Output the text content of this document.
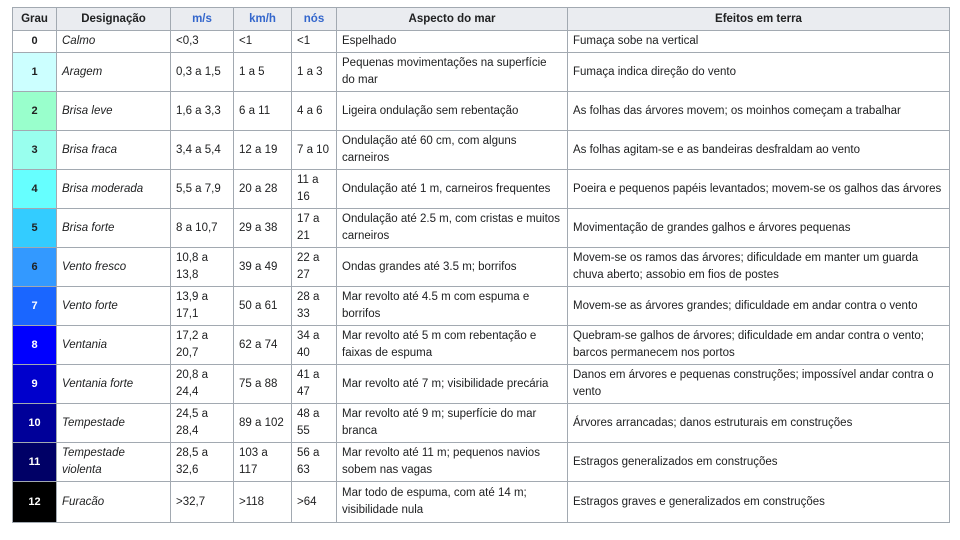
Grau	Designação	m/s	km/h	nós	Aspecto do mar	Efeitos em terra
0	Calmo	<0,3	<1	<1	Espelhado	Fumaça sobe na vertical
1	Aragem	0,3 a 1,5	1 a 5	1 a 3	Pequenas movimentações na superfície do mar	Fumaça indica direção do vento
2	Brisa leve	1,6 a 3,3	6 a 11	4 a 6	Ligeira ondulação sem rebentação	As folhas das árvores movem; os moinhos começam a trabalhar
3	Brisa fraca	3,4 a 5,4	12 a 19	7 a 10	Ondulação até 60 cm, com alguns carneiros	As folhas agitam-se e as bandeiras desfraldam ao vento
4	Brisa moderada	5,5 a 7,9	20 a 28	11 a 16	Ondulação até 1 m, carneiros frequentes	Poeira e pequenos papéis levantados; movem-se os galhos das árvores
5	Brisa forte	8 a 10,7	29 a 38	17 a 21	Ondulação até 2.5 m, com cristas e muitos carneiros	Movimentação de grandes galhos e árvores pequenas
6	Vento fresco	10,8 a 13,8	39 a 49	22 a 27	Ondas grandes até 3.5 m; borrifos	Movem-se os ramos das árvores; dificuldade em manter um guarda chuva aberto; assobio em fios de postes
7	Vento forte	13,9 a 17,1	50 a 61	28 a 33	Mar revolto até 4.5 m com espuma e borrifos	Movem-se as árvores grandes; dificuldade em andar contra o vento
8	Ventania	17,2 a 20,7	62 a 74	34 a 40	Mar revolto até 5 m com rebentação e faixas de espuma	Quebram-se galhos de árvores; dificuldade em andar contra o vento; barcos permanecem nos portos
9	Ventania forte	20,8 a 24,4	75 a 88	41 a 47	Mar revolto até 7 m; visibilidade precária	Danos em árvores e pequenas construções; impossível andar contra o vento
10	Tempestade	24,5 a 28,4	89 a 102	48 a 55	Mar revolto até 9 m; superfície do mar branca	Árvores arrancadas; danos estruturais em construções
11	Tempestade violenta	28,5 a 32,6	103 a 117	56 a 63	Mar revolto até 11 m; pequenos navios sobem nas vagas	Estragos generalizados em construções
12	Furacão	>32,7	>118	>64	Mar todo de espuma, com até 14 m; visibilidade nula	Estragos graves e generalizados em construções
